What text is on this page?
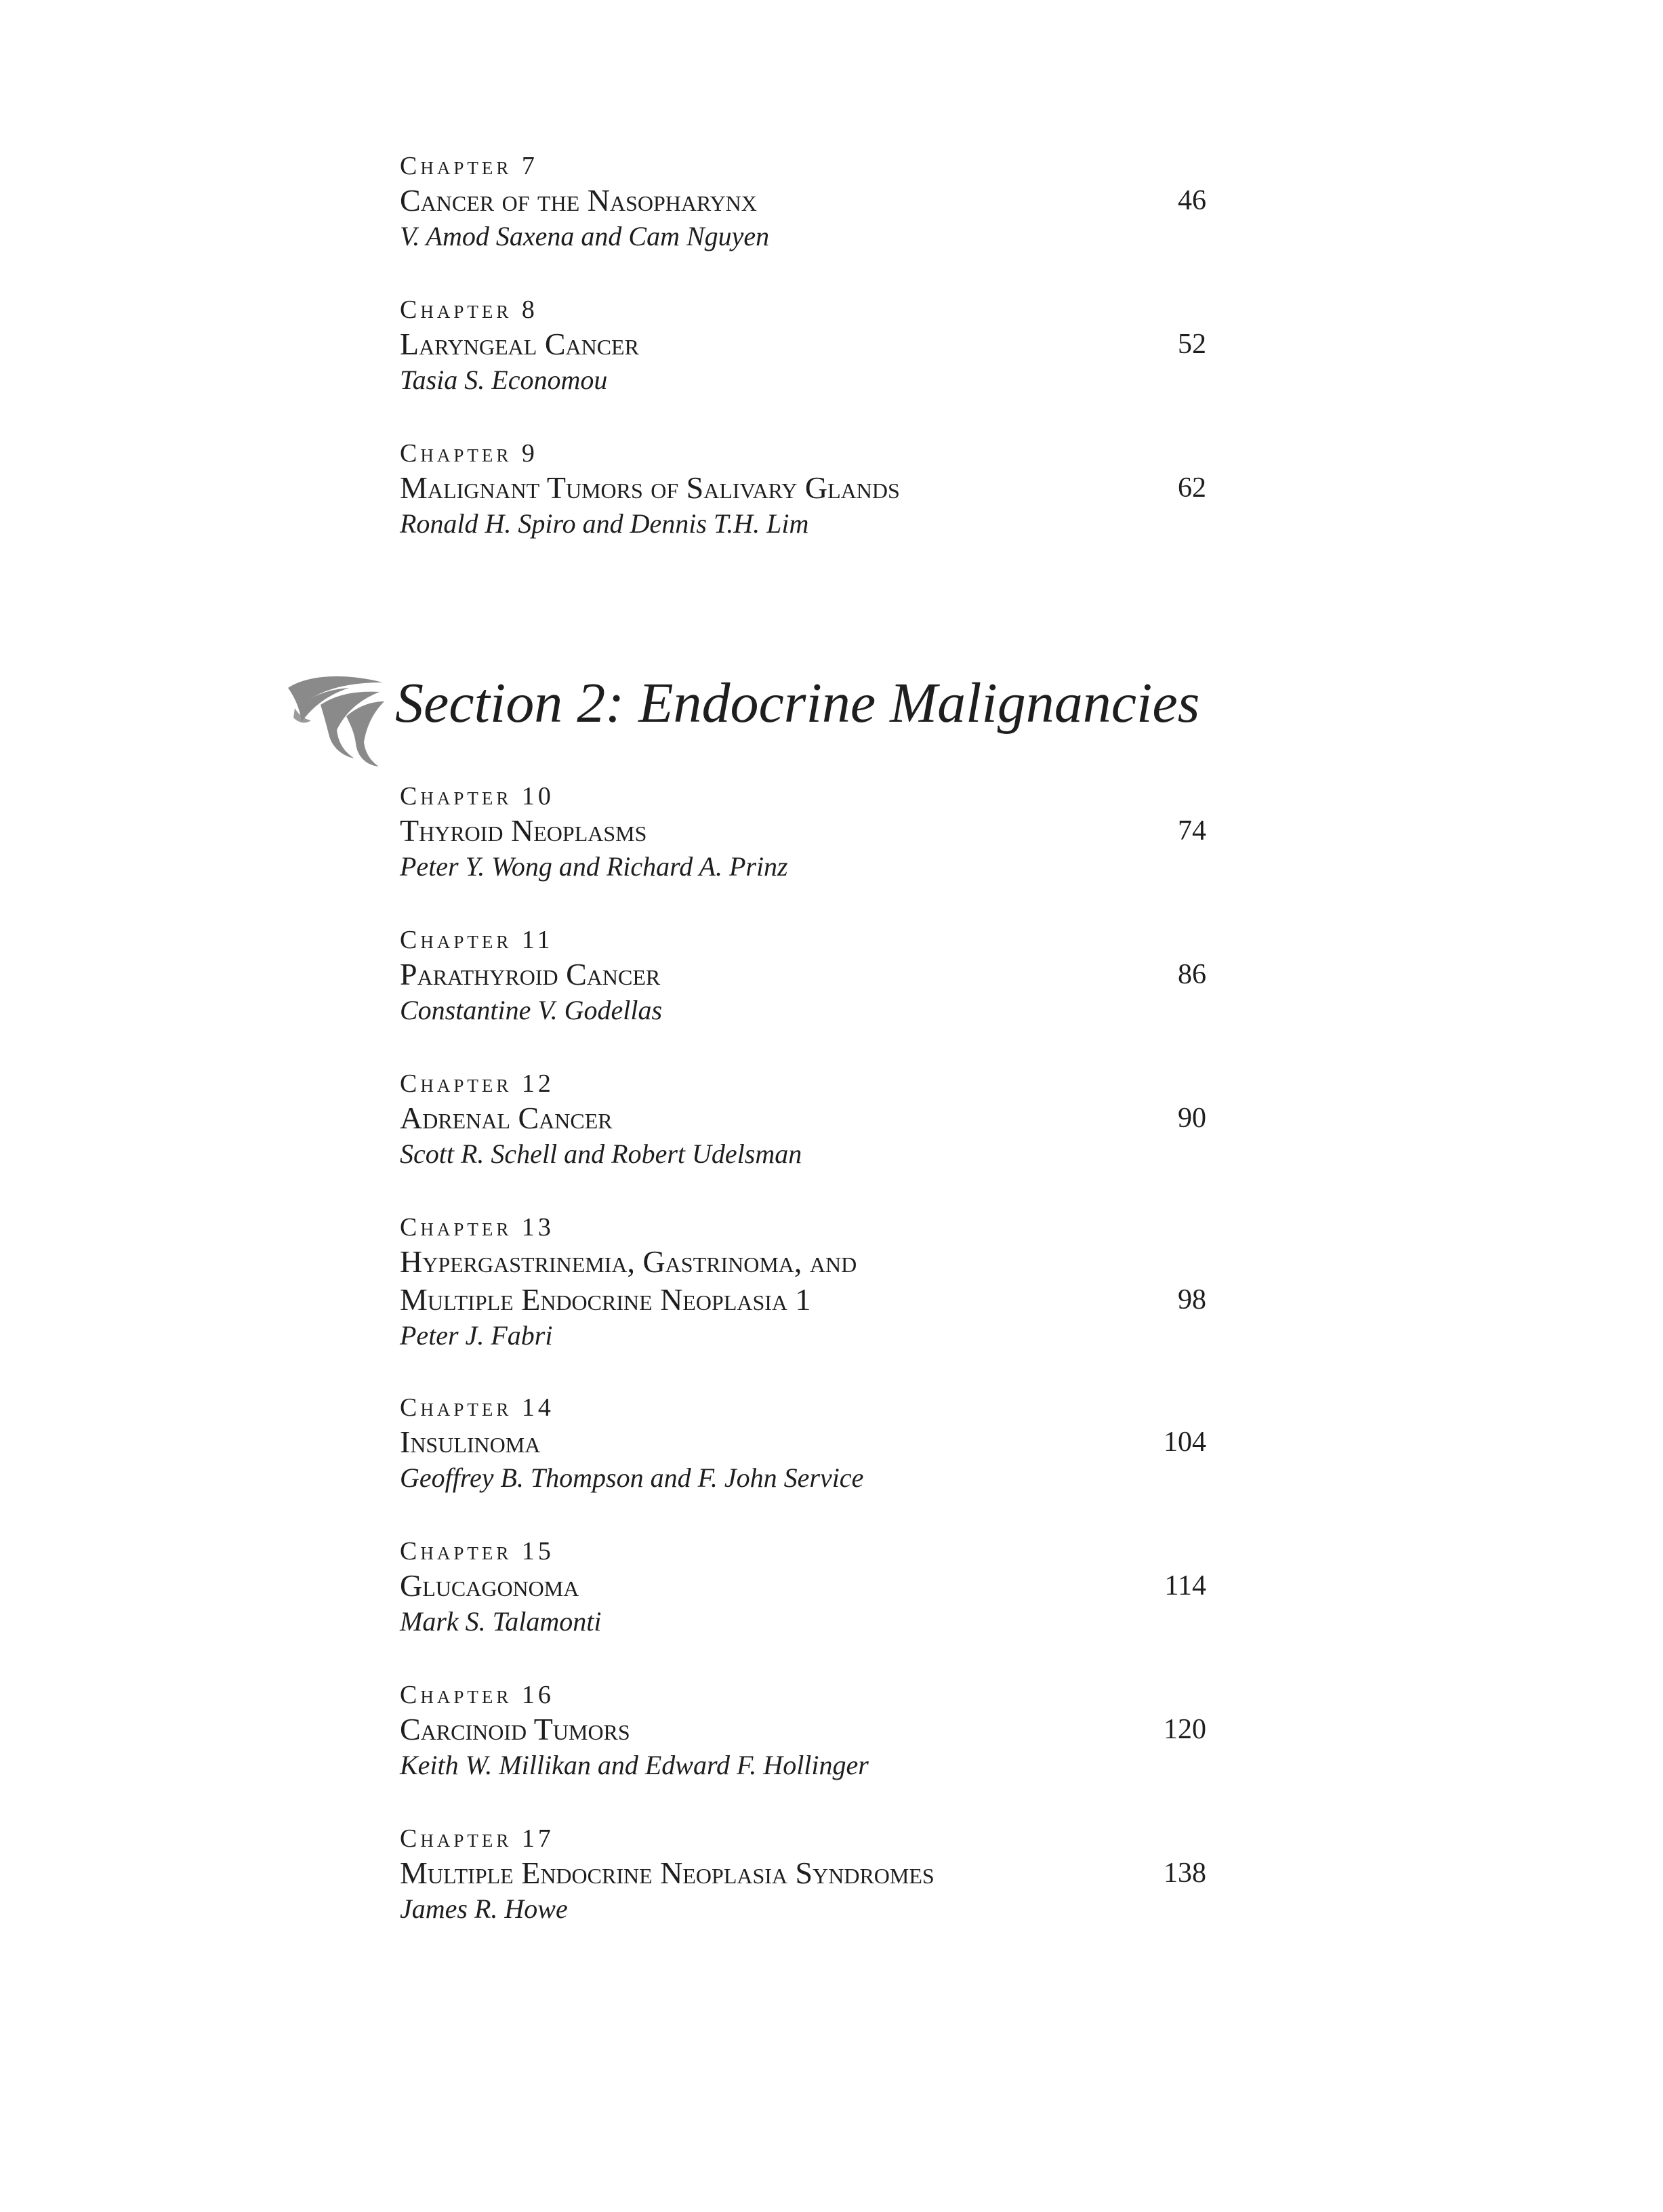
Chapter 7
Cancer of the Nasopharynx	46
V. Amod Saxena and Cam Nguyen
Chapter 8
Laryngeal Cancer	52
Tasia S. Economou
Chapter 9
Malignant Tumors of Salivary Glands	62
Ronald H. Spiro and Dennis T.H. Lim
Section 2: Endocrine Malignancies
Chapter 10
Thyroid Neoplasms	74
Peter Y. Wong and Richard A. Prinz
Chapter 11
Parathyroid Cancer	86
Constantine V. Godellas
Chapter 12
Adrenal Cancer	90
Scott R. Schell and Robert Udelsman
Chapter 13
Hypergastrinemia, Gastrinoma, and
Multiple Endocrine Neoplasia 1	98
Peter J. Fabri
Chapter 14
Insulinoma	104
Geoffrey B. Thompson and F. John Service
Chapter 15
Glucagonoma	114
Mark S. Talamonti
Chapter 16
Carcinoid Tumors	120
Keith W. Millikan and Edward F. Hollinger
Chapter 17
Multiple Endocrine Neoplasia Syndromes	138
James R. Howe
